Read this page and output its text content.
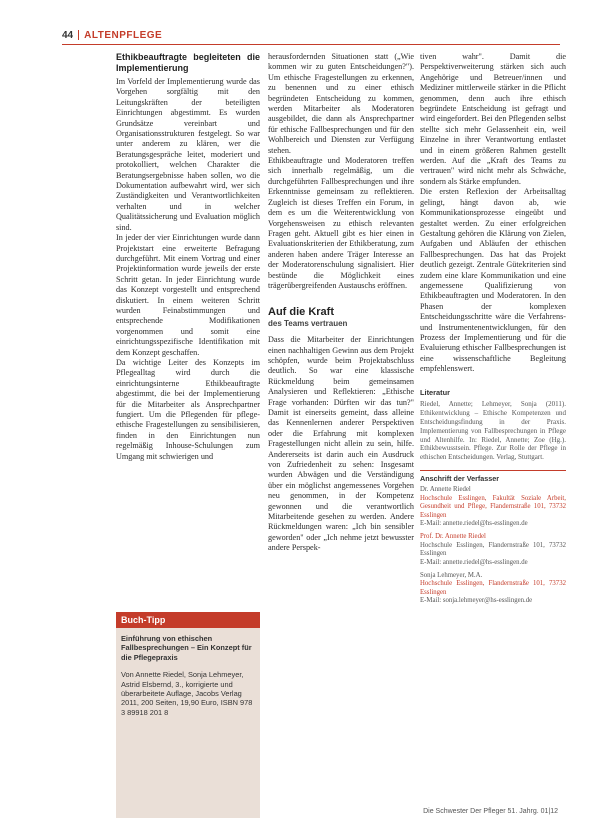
44 ALTENPFLEGE
Ethikbeauftragte begleiteten die Implementierung

Im Vorfeld der Implementierung wurde das Vorgehen sorgfältig mit den Leitungskräften der beteiligten Einrichtungen abgestimmt. Es wurden Grundsätze vereinbart und Organisationsstrukturen festgelegt. So war unter anderem zu klären, wer die Beratungsgespräche leitet, moderiert und protokolliert, welchen Charakter die Beratungsergebnisse haben sollen, wo die Dokumentation aufbewahrt wird, wer sich Zuständigkeiten und Verantwortlichkeiten verhalten und in welcher Qualitätssicherung und Evaluation möglich sind.

In jeder der vier Einrichtungen wurde dann Projektstart eine erweiterte Befragung durchgeführt. Mit einem Vortrag und einer Projektinformation wurde jeweils der erste Schritt getan. In jeder Einrichtung wurde das Konzept vorgestellt und entsprechend diskutiert. In einem weiteren Schritt wurden Feinabstimmungen und entsprechende Modifikationen vorgenommen und somit eine einrichtungsspezifische Identifikation mit dem Konzept geschaffen.

Da wichtige Leiter des Konzepts im Pflegealltag wird durch die einrichtungsinterne Ethikbeauftragte abgestimmt, die bei der Implementierung für die Mitarbeiter als Ansprechpartner fungiert. Um die Pflegenden für pflege-ethische Fragestellungen zu sensibilisieren, finden in den Einrichtungen nun regelmäßig Inhouse-Schulungen zum Umgang mit schwierigen und

Buch-Tipp
Einführung von ethischen Fallbesprechungen – Ein Konzept für die Pflegepraxis
Von Annette Riedel, Sonja Lehmeyer, Astrid Elsbernd, 3., korrigierte und überarbeitete Auflage, Jacobs Verlag 2011, 200 Seiten, 19,90 Euro, ISBN 978 3 89918 201 8

herausfordernden Situationen statt („Wie kommen wir zu guten Entscheidungen?"). Um ethische Fragestellungen zu erkennen, zu benennen und zu einer ethisch begründeten Entscheidung zu kommen, werden Mitarbeiter als Moderatoren ausgebildet, die dann als Ansprechpartner für ethische Fallbesprechungen und für den Wohlbereich und Diensten zur Verfügung stehen.

Ethikbeauftragte und Moderatoren treffen sich innerhalb regelmäßig, um die durchgeführten Fallbesprechungen und ihre Erkenntnisse gemeinsam zu reflektieren. Zugleich ist dieses Treffen ein Forum, in dem es um die Weiterentwicklung von Vorgehensweisen zu ethisch relevanten Fragen geht. Aktuell gibt es hier einen in Evaluationskriterien der Ethikberatung, zum anderen haben andere Träger Interesse an der Moderatorenschulung signalisiert. Hier bestünde die Möglichkeit eines trägerübergreifenden Austauschs eröffnen.

Auf die Kraft
des Teams vertrauen

Dass die Mitarbeiter der Einrichtungen einen nachhaltigen Gewinn aus dem Projekt schöpfen, wurde beim Projektabschluss deutlich. So war eine klassische Rückmeldung beim gemeinsamen Analysieren und Reflektieren: „Ethische Frage vorhanden: Dürften wir das tun?" Damit ist einerseits gemeint, dass alleine das Kennenlernen anderer Perspektiven oder die Erfahrung mit komplexen Fragestellungen nicht allein zu sein, hilfe. Andererseits ist darin auch ein Ausdruck von Zufriedenheit zu sehen: Insgesamt wurden Abwägen und die Verständigung über ein möglichst angemessenes Vorgehen neu genommen, in der Kompetenz gewonnen und die verantwortlich Mitarbeitende gesehen zu werden. Andere Rückmeldungen waren: „Ich bin sensibler geworden" oder „Ich nehme jetzt bewusster andere Perspek-

tiven wahr". Damit die Perspektiverweiterung stärken sich auch Angehörige und Betreuer/innen und Mediziner mittlerweile stärker in die Pflicht genommen, denn auch ihre ethisch begründete Entscheidung ist gefragt und wird eingefordert. Bei den Pflegenden selbst stellte sich mehr Gelassenheit ein, weil Einzelne in ihrer Verantwortung entlastet und in einem größeren Rahmen gestellt werden. Auf die „Kraft des Teams zu vertrauen" wird nicht mehr als Schwäche, sondern als Stärke empfunden.

Die ersten Reflexion der Arbeitsalltag gelingt, hängt davon ab, wie Kommunikationsprozesse eingeübt und gestaltet werden. Zu einer erfolgreichen Gestaltung gehören die Klärung von Zielen, Aufgaben und Abläufen der ethischen Fallbesprechungen. Das hat das Projekt deutlich gezeigt. Zentrale Gütekriterien sind zudem eine klare Kommunikation und eine angemessene Qualifizierung von Ethikbeauftragten und Moderatoren. In den Phasen der komplexen Entscheidungsschritte wäre die Verfahrens- und Instrumentenentwicklungen, für den Prozess der Implementierung und für die Evaluierung ethischer Fallbesprechungen ist eine wissenschaftliche Begleitung empfehlenswert.

Literatur
Riedel, Annette; Lehmeyer, Sonja (2011). Ethikentwicklung – Ethische Kompetenzen und Entscheidungsfindung in der Praxis. Implementierung von Fallbesprechungen in Pflege und Altenhilfe. In: Riedel, Annette; Zoe (Hg.). Ethikbewusstsein. Pflege. Zur Rolle der Pflege in ethischen Entscheidungen. Verlag, Stuttgart.
Anschrift der Verfasser
Dr. Annette Riedel
Hochschule Esslingen, Fakultät Soziale Arbeit, Gesundheit und Pflege, Flandernstraße 101, 73732 Esslingen
E-Mail: annette.riedel@hs-esslingen.de
Prof. Dr. Annette Riedel
Hochschule Esslingen, Flandernstraße 101, 73732 Esslingen
E-Mail: annette.riedel@hs-esslingen.de
Sonja Lehmeyer, M.A.
Hochschule Esslingen, Flandernstraße 101, 73732 Esslingen
E-Mail: sonja.lehmeyer@hs-esslingen.de
Die Schwester Der Pfleger 51. Jahrg. 01|12
